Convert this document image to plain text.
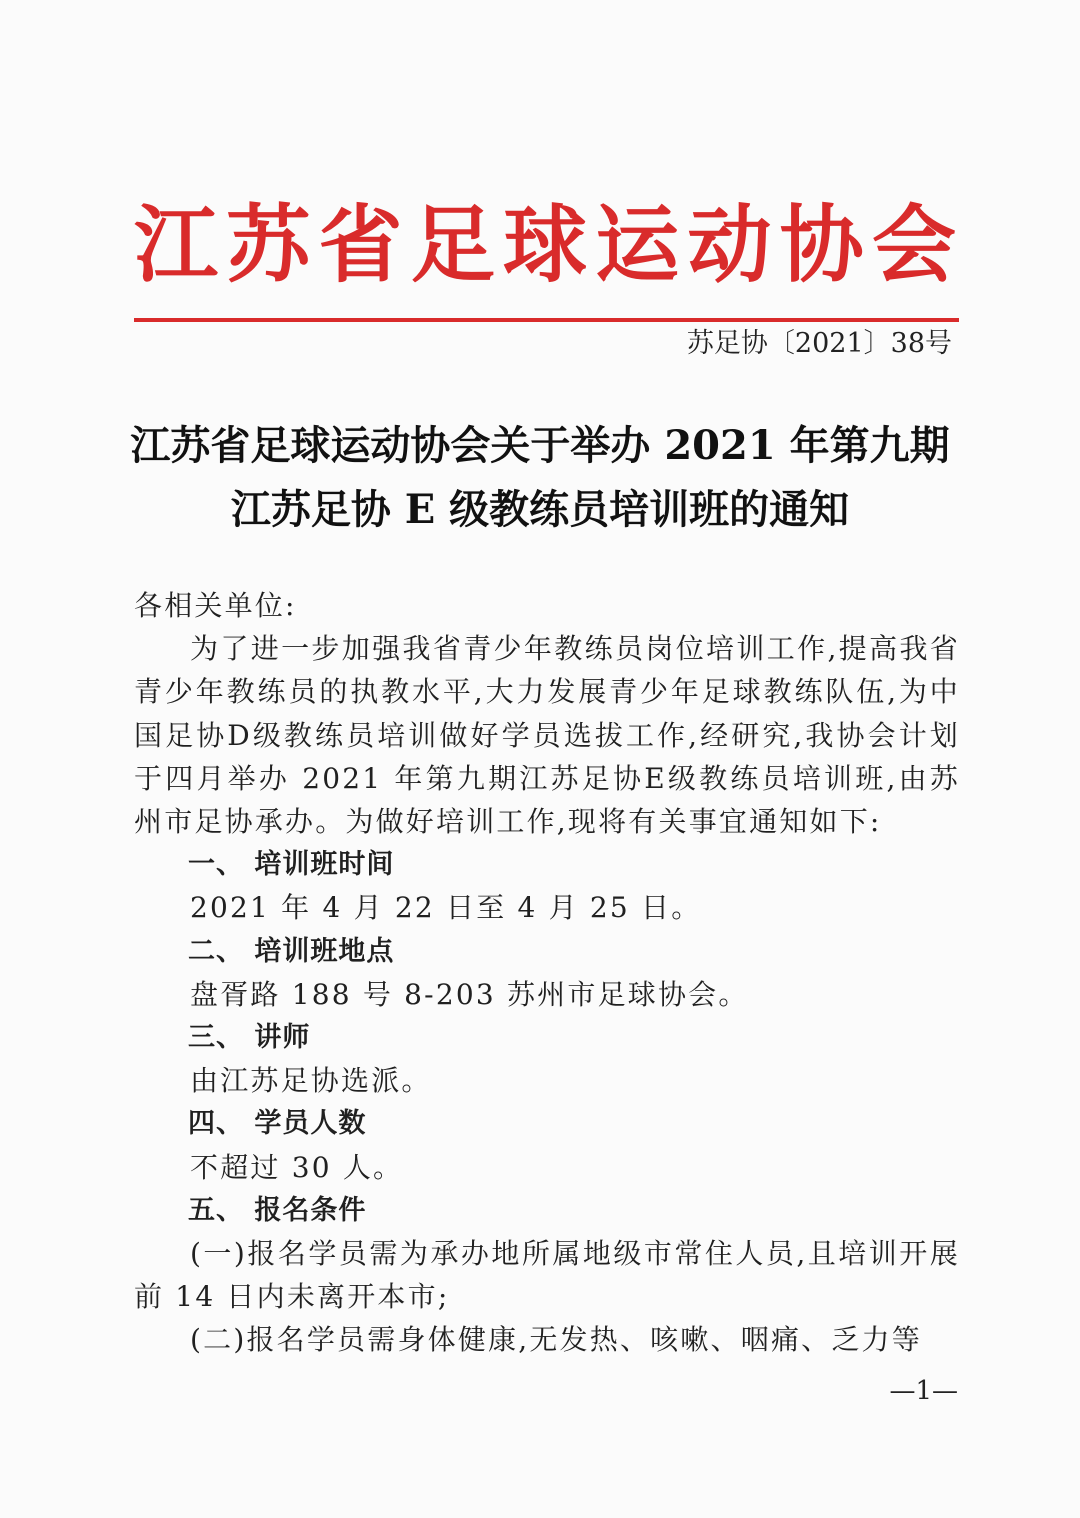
江苏省足球运动协会
苏足协〔2021〕38号
江苏省足球运动协会关于举办 2021 年第九期
江苏足协 E 级教练员培训班的通知

各相关单位:

为了进一步加强我省青少年教练员岗位培训工作,提高我省青少年教练员的执教水平,大力发展青少年足球教练队伍,为中国足协D级教练员培训做好学员选拔工作,经研究,我协会计划于四月举办 2021 年第九期江苏足协E级教练员培训班,由苏州市足协承办。为做好培训工作,现将有关事宜通知如下:

一、 培训班时间

2021 年 4 月 22 日至 4 月 25 日。

二、 培训班地点

盘胥路 188 号 8-203 苏州市足球协会。

三、 讲师

由江苏足协选派。

四、 学员人数

不超过 30 人。

五、 报名条件

(一)报名学员需为承办地所属地级市常住人员,且培训开展前 14 日内未离开本市;

(二)报名学员需身体健康,无发热、咳嗽、咽痛、乏力等

—1—
